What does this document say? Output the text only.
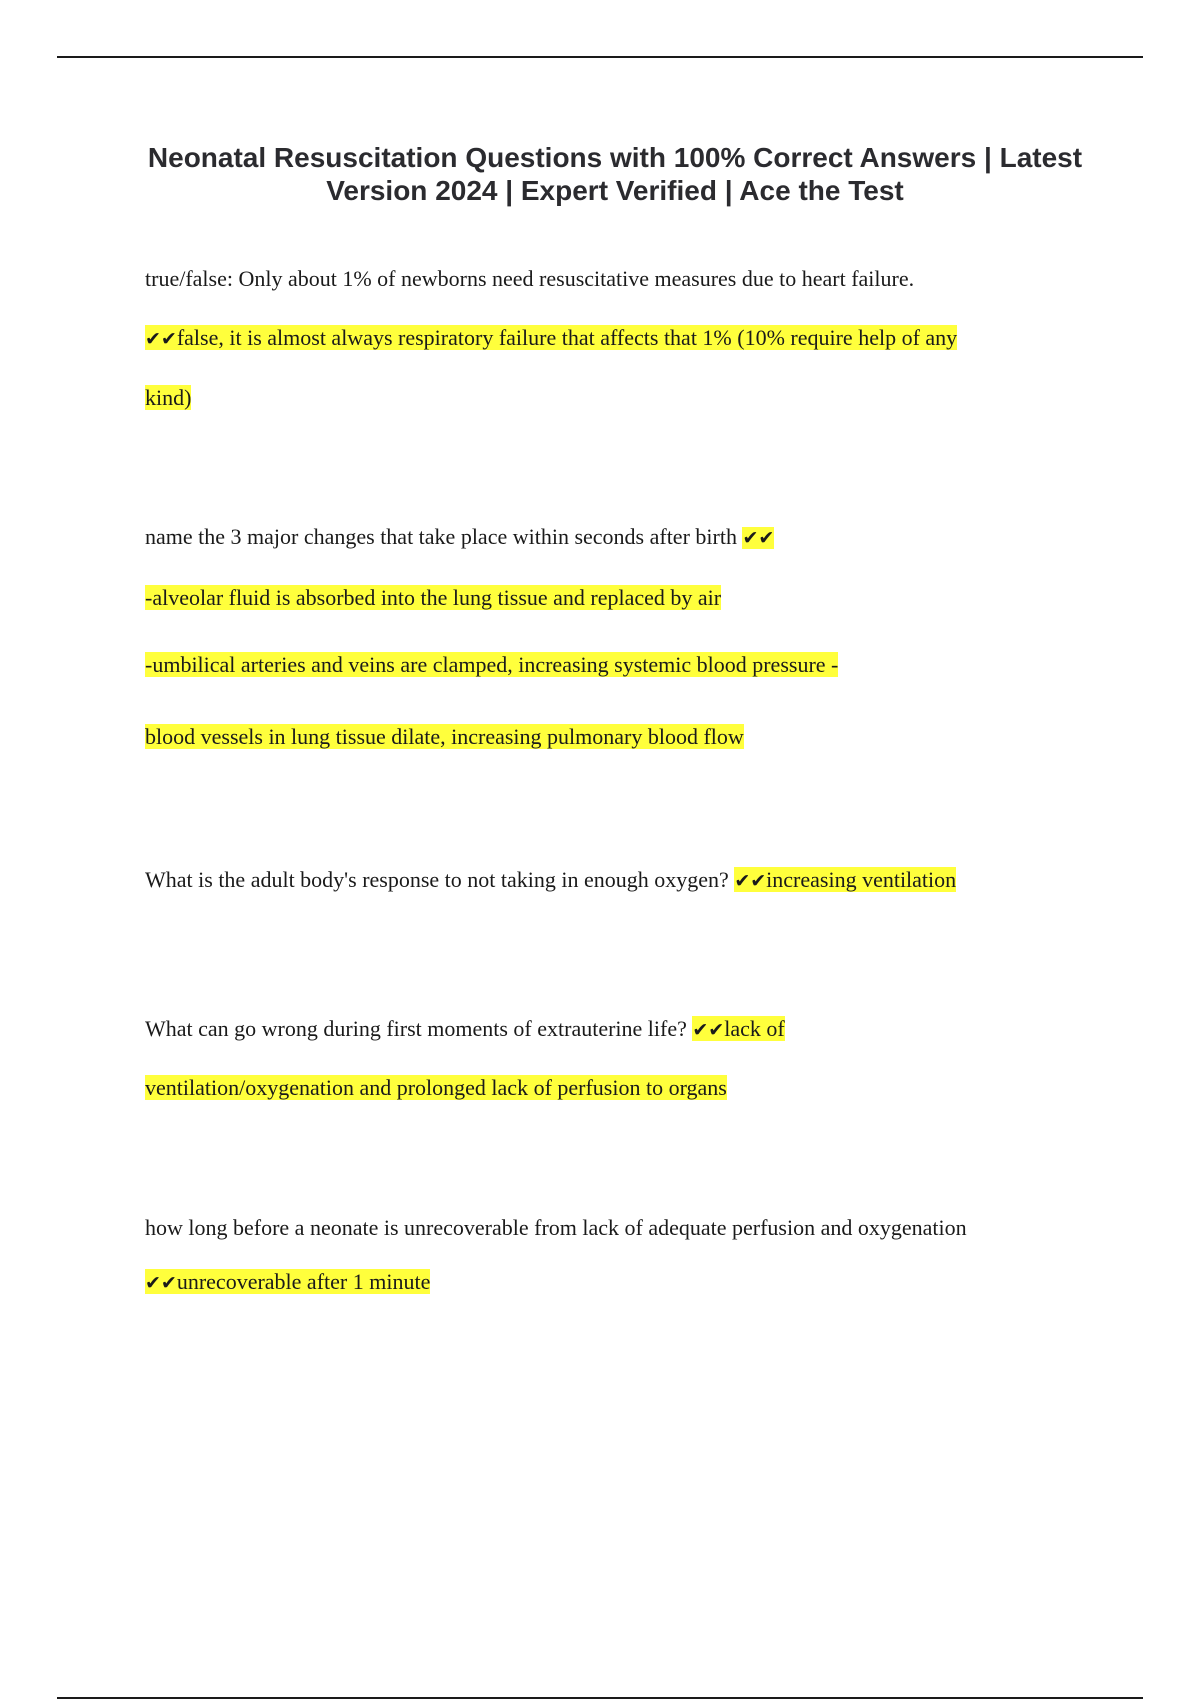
Neonatal Resuscitation Questions with 100% Correct Answers | Latest Version 2024 | Expert Verified | Ace the Test
true/false: Only about 1% of newborns need resuscitative measures due to heart failure.
✔✔false, it is almost always respiratory failure that affects that 1% (10% require help of any
kind)
name the 3 major changes that take place within seconds after birth ✔✔
-alveolar fluid is absorbed into the lung tissue and replaced by air
-umbilical arteries and veins are clamped, increasing systemic blood pressure -
blood vessels in lung tissue dilate, increasing pulmonary blood flow
What is the adult body's response to not taking in enough oxygen? ✔✔increasing ventilation
What can go wrong during first moments of extrauterine life? ✔✔lack of
ventilation/oxygenation and prolonged lack of perfusion to organs
how long before a neonate is unrecoverable from lack of adequate perfusion and oxygenation
✔✔unrecoverable after 1 minute
